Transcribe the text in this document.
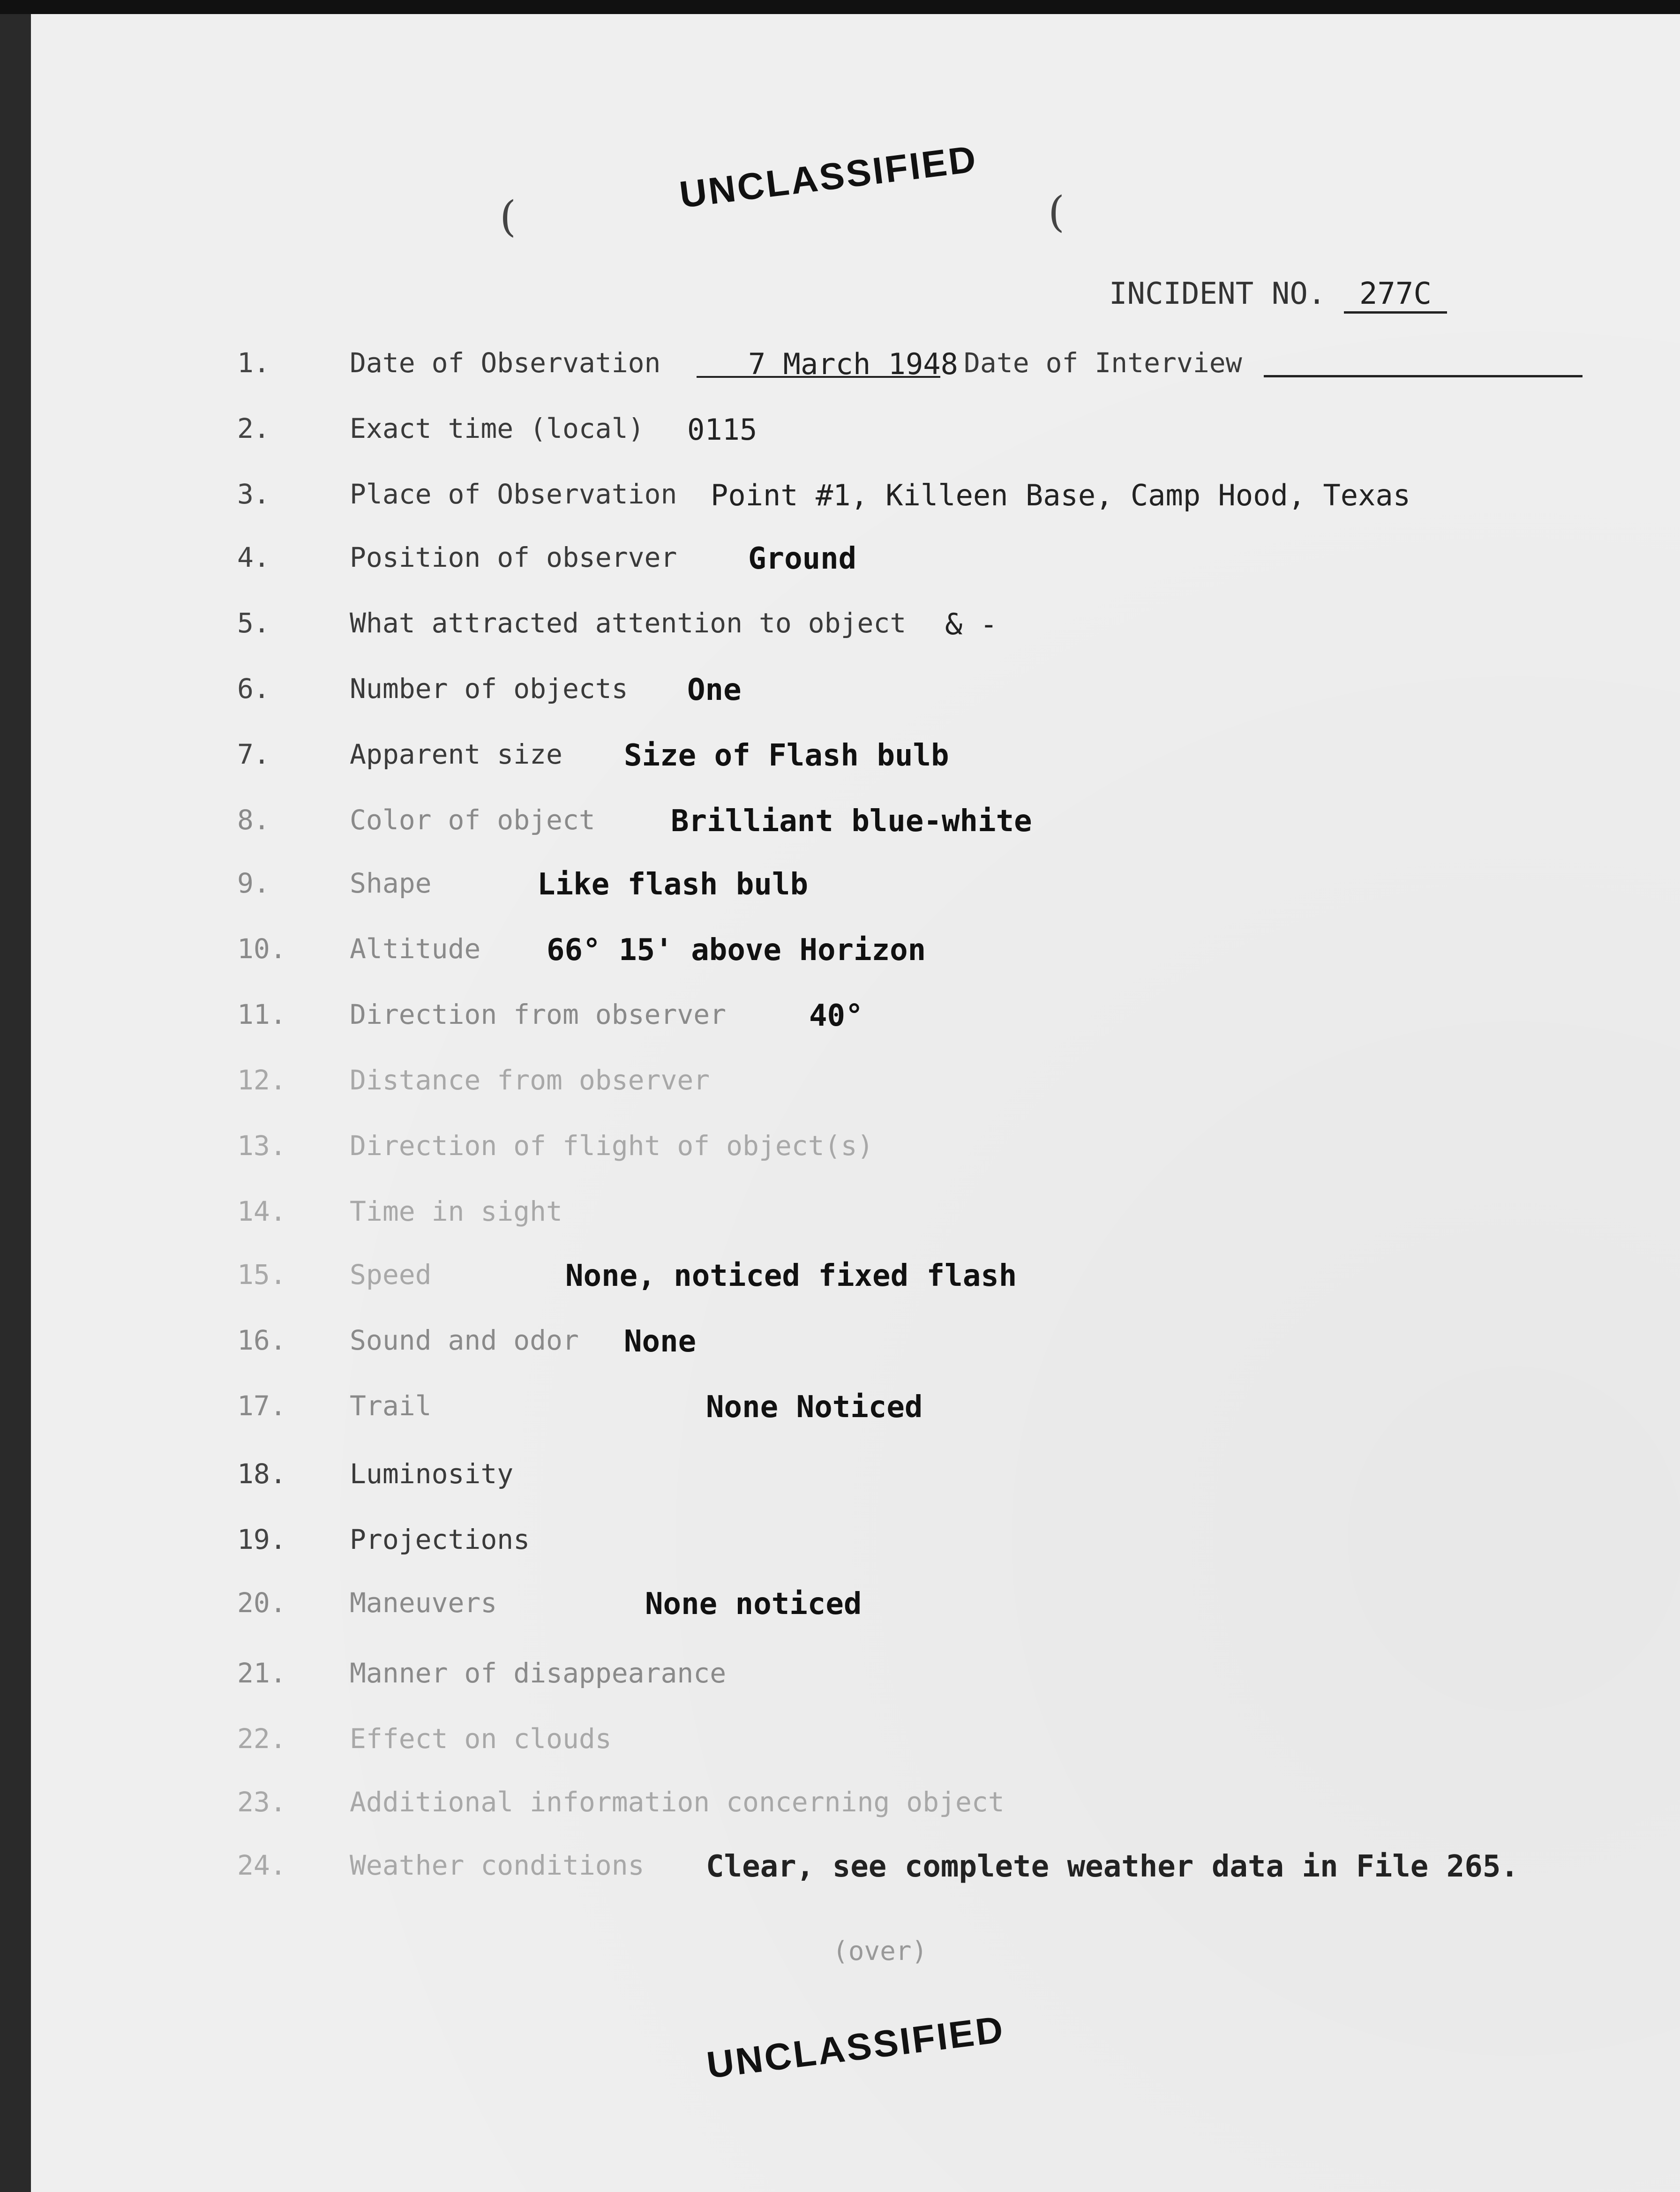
UNCLASSIFIED
(	(
INCIDENT NO. 277C
1.	Date of Observation	7 March 1948 Date of Interview
2.	Exact time (local) 0115
3.	Place of Observation Point #1, Killeen Base, Camp Hood, Texas
4.	Position of observer Ground
5.	What attracted attention to object & -
6.	Number of objects One
7.	Apparent size Size of Flash bulb
8.	Color of object	Brilliant blue-white
9.	Shape	Like flash bulb
10.	Altitude 66° 15' above Horizon
11.	Direction from observer	40°
12.	Distance from observer
13.	Direction of flight of object(s)
14.	Time in sight
15.	Speed	None, noticed fixed flash
16.	Sound and odor None
17.	Trail	None Noticed
18.	Luminosity
19.	Projections
20.	Maneuvers	None noticed
21.	Manner of disappearance
22.	Effect on clouds
23.	Additional information concerning object
24.	Weather conditions Clear, see complete weather data in File 265.
(over)
UNCLASSIFIED
